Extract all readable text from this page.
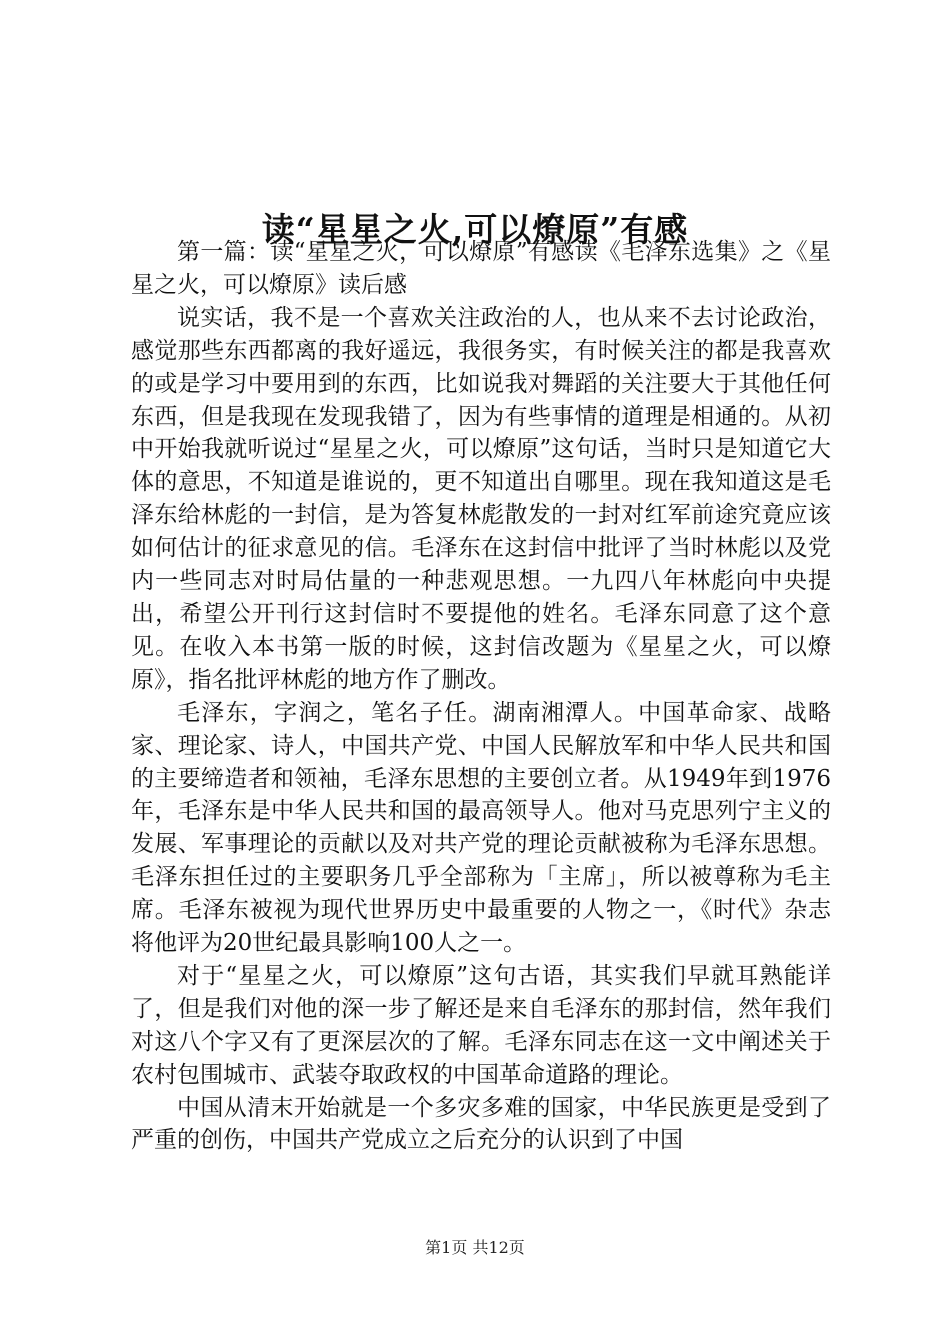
读“星星之火,可以燎原”有感

第一篇：读“星星之火，可以燎原”有感读《毛泽东选集》之《星星之火，可以燎原》读后感

说实话，我不是一个喜欢关注政治的人，也从来不去讨论政治，感觉那些东西都离的我好遥远，我很务实，有时候关注的都是我喜欢的或是学习中要用到的东西，比如说我对舞蹈的关注要大于其他任何东西，但是我现在发现我错了，因为有些事情的道理是相通的。从初中开始我就听说过“星星之火，可以燎原”这句话，当时只是知道它大体的意思，不知道是谁说的，更不知道出自哪里。现在我知道这是毛泽东给林彪的一封信，是为答复林彪散发的一封对红军前途究竟应该如何估计的征求意见的信。毛泽东在这封信中批评了当时林彪以及党内一些同志对时局估量的一种悲观思想。一九四八年林彪向中央提出，希望公开刊行这封信时不要提他的姓名。毛泽东同意了这个意见。在收入本书第一版的时候，这封信改题为《星星之火，可以燎原》，指名批评林彪的地方作了删改。

毛泽东，字润之，笔名子任。湖南湘潭人。中国革命家、战略家、理论家、诗人，中国共产党、中国人民解放军和中华人民共和国的主要缔造者和领袖，毛泽东思想的主要创立者。从1949年到1976年，毛泽东是中华人民共和国的最高领导人。他对马克思列宁主义的发展、军事理论的贡献以及对共产党的理论贡献被称为毛泽东思想。毛泽东担任过的主要职务几乎全部称为「主席」，所以被尊称为毛主席。毛泽东被视为现代世界历史中最重要的人物之一，《时代》杂志将他评为20世纪最具影响100人之一。

对于“星星之火，可以燎原”这句古语，其实我们早就耳熟能详了，但是我们对他的深一步了解还是来自毛泽东的那封信，然年我们对这八个字又有了更深层次的了解。毛泽东同志在这一文中阐述关于农村包围城市、武装夺取政权的中国革命道路的理论。

中国从清末开始就是一个多灾多难的国家，中华民族更是受到了严重的创伤，中国共产党成立之后充分的认识到了中国

第1页 共12页
